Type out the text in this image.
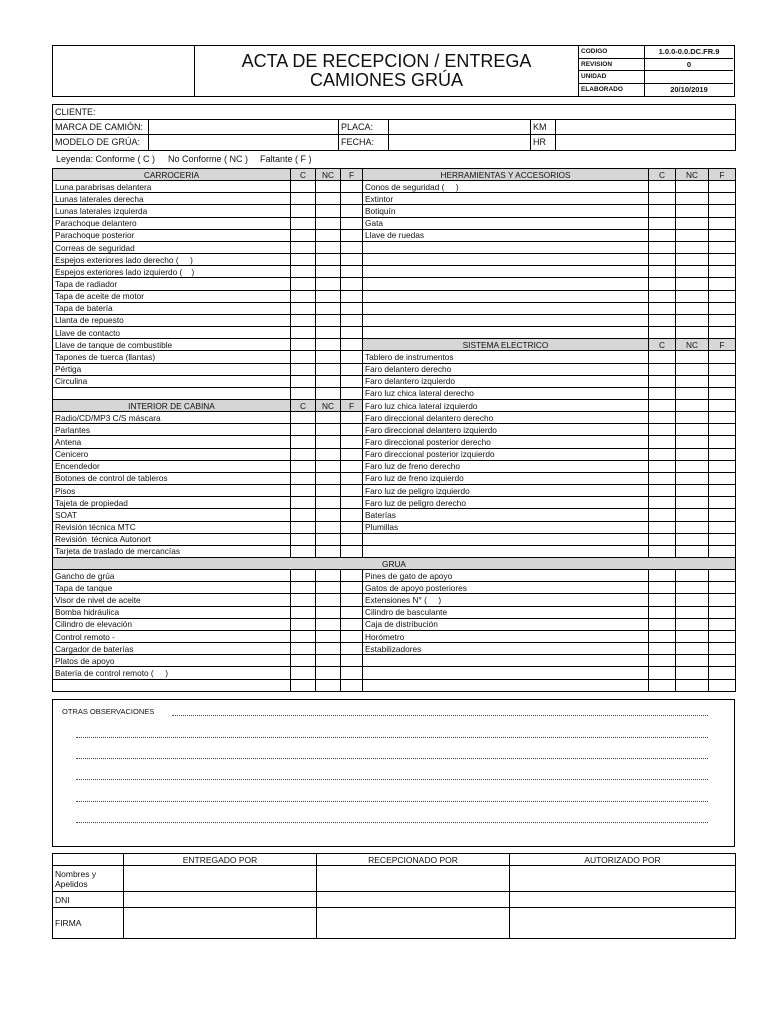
ACTA DE RECEPCION / ENTREGA
CAMIONES GRÚA
CODIGO	1.0.0-0.0.DC.FR.9
REVISION	0
UNIDAD	
ELABORADO	20/10/2019
CLIENTE:					
MARCA DE CAMIÓN:		PLACA:		KM	
MODELO DE GRÚA:		FECHA:		HR	
Leyenda: Conforme ( C ) No Conforme ( NC ) Faltante ( F )
CARROCERIA	C	NC	F	HERRAMIENTAS Y ACCESORIOS	C	NC	F
Luna parabrisas delantera				Conos de seguridad (     )			
Lunas laterales derecha				Extintor			
Lunas laterales izquierda				Botiquín			
Parachoque delantero				Gata			
Parachoque posterior				Llave de ruedas			
Correas de seguridad							
Espejos exteriores lado derecho (     )							
Espejos exteriores lado izquierdo (    )							
Tapa de radiador							
Tapa de aceite de motor							
Tapa de batería							
Llanta de repuesto							
Llave de contacto							
Llave de tanque de combustible				SISTEMA ELECTRICO	C	NC	F
Tapones de tuerca (llantas)				Tablero de instrumentos			
Pértiga				Faro delantero derecho			
Circulina				Faro delantero izquierdo			
				Faro luz chica lateral derecho			
INTERIOR DE CABINA	C	NC	F	Faro luz chica lateral izquierdo			
Radio/CD/MP3 C/S máscara				Faro direccional delantero derecho			
Parlantes				Faro direccional delantero izquierdo			
Antena				Faro direccional posterior derecho			
Cenicero				Faro direccional posterior izquierdo			
Encendedor				Faro luz de freno derecho			
Botones de control de tableros				Faro luz de freno izquierdo			
Pisos				Faro luz de peligro izquierdo			
Tajeta de propiedad				Faro luz de peligro derecho			
SOAT				Baterías			
Revisión técnica MTC				Plumillas			
Revisión  técnica Autonort							
Tarjeta de traslado de mercancías							
GRUA							
Gancho de grúa				Pines de gato de apoyo			
Tapa de tanque				Gatos de apoyo posteriores			
Visor de nivel de aceite				Extensiones N° (     )			
Bomba hidráulica				Cilindro de basculante			
Cilindro de elevación				Caja de distribución			
Control remoto -				Horómetro			
Cargador de baterías				Estabilizadores			
Platos de apoyo							
Batería de control remoto (     )							

OTRAS OBSERVACIONES
	ENTREGADO POR	RECEPCIONADO POR	AUTORIZADO POR
Nombres y
Apelidos			
DNI			
FIRMA			
